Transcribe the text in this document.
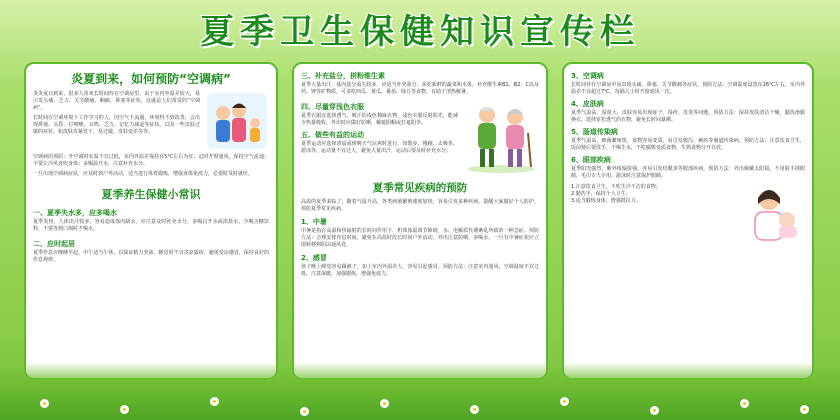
夏季卫生保健知识宣传栏
炎夏到来，如何预防“空调病”

炎炎夏日到来，很多人喜欢长时间待在空调房里，由于室内外温差较大，易引发头痛、乏力、关节酸痛、咽痛、鼻塞等症状，这就是人们常说的“空调病”。

长时间在空调环境下工作学习的人，因空气不流通，环境得不到改善，会出现鼻塞、头昏、打喷嚏、耳鸣、乏力、记忆力减退等症状。以及一些皮肤过敏的症状，如皮肤发紧发干、易过敏、皮肤变差等等。

空调病的预防：开空调时室温不宜过低，室内外温差保持在5℃左右为宜；定时开窗通风，保持空气流通；不要让冷风直吹身体；多喝温开水，注意补充水分。

一旦出现空调病症状，应及时到户外活动，适当进行体育锻炼，增强身体免疫力，必要时及时就医。

夏季养生保健小常识
一、夏季失水多，应多喝水

夏季炎热，人体出汗较多，容易造成体内缺水。应注意及时补充水分，多喝白开水或淡盐水，少喝含糖饮料，不要等到口渴时才喝水。

二、应时起居

夏季作息应晚睡早起，中午适当午休，以保证精力充沛。睡觉时不宜贪凉露宿，避免受凉感冒，保持良好的作息规律。

三、补充盐分，拼粉维生素

夏季大量出汗，体内盐分流失较多，应适当补充盐分，多吃新鲜的蔬菜和水果，补充维生素B1、B2、C以及钙、钾等矿物质，可多吃西瓜、黄瓜、番茄、绿豆等食物，有助于清热解暑。

四、尽量穿浅色衣服

夏季衣服宜选择透气、吸汗的浅色棉麻衣物，浅色衣服反射阳光，能减少热量吸收，外出时应做好防晒，戴遮阳帽或打遮阳伞。

五、做些有益的运动

夏季运动应选择清晨或傍晚天气凉爽时进行，如散步、慢跑、太极拳、游泳等，运动量不宜过大，避免大量出汗，运动后要及时补充水分。

夏季常见疾病的预防

高温的夏季来临了，随着气温升高，各类病菌繁殖速度加快，容易引发多种疾病，提醒大家做好个人防护，预防夏季常见疾病。

1、中暑

中暑是指在高温和热辐射的长时间作用下，机体体温调节障碍，水、电解质代谢紊乱所致的一种急症。预防方法：合理安排作息时间，避免在高温时段长时间户外活动，外出注意防晒，多喝水，一旦有中暑症状应立即转移到阴凉通风处。

2、感冒

孩子晚上睡觉容易踢被子，加上室内外温差大，容易引起感冒。预防方法：注意室内通风，空调温度不宜过低，注意保暖，加强锻炼，增强免疫力。

3、空调病

长时间待在空调房中易出现头痛、鼻塞、关节酸痛等症状。预防方法：空调温度设置在26℃左右，室内外温差不宜超过7℃，每隔几小时开窗通风一次。

4、皮肤病

夏季气温高、湿度大，皮肤容易出现痱子、湿疹、皮炎等问题。预防方法：保持皮肤清洁干燥，勤洗澡勤换衣，选择宽松透气的衣物，避免长时间暴晒。

5、肠道传染病

夏季气温高，细菌繁殖快，食物容易变质，易引发腹泻、痢疾等肠道传染病。预防方法：注意饮食卫生，饭前便后要洗手，不喝生水，不吃腐败变质食物，生熟食物分开存放。

6、眼部疾病

夏季阳光强烈，紫外线辐射强，容易引发结膜炎等眼部疾病。预防方法：外出佩戴太阳镜，不用脏手揉眼睛，毛巾专人专用，游泳时注意保护眼睛。

1.注意饮食卫生，不吃生冷不洁的食物；

2.勤洗手，保持个人卫生；

3.适当锻炼身体，增强抵抗力。
